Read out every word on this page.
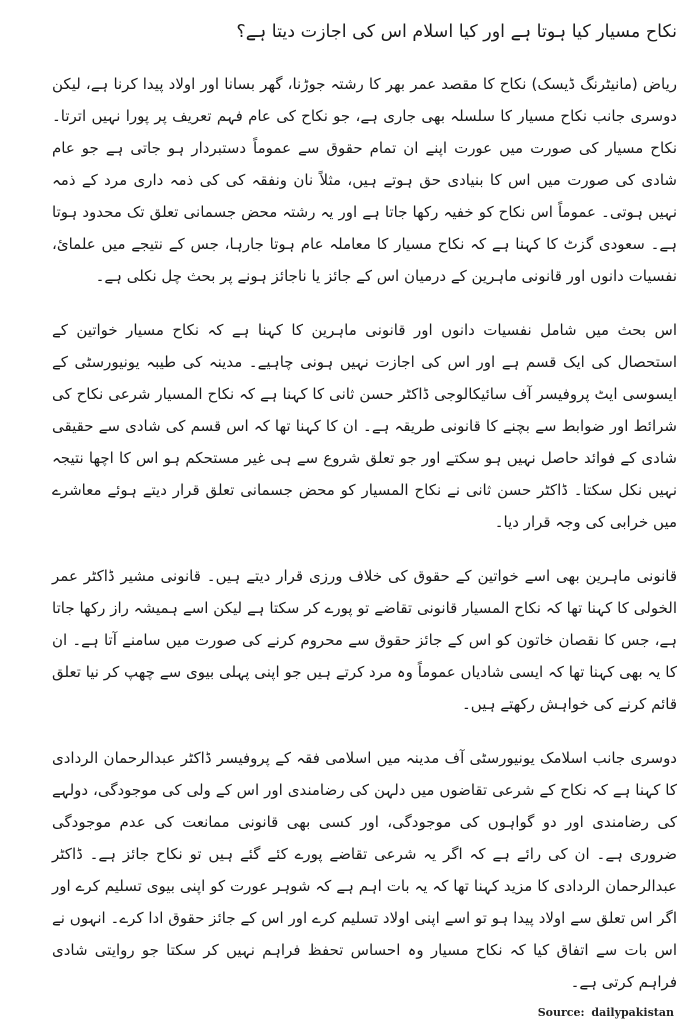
نکاح مسیار کیا ہوتا ہے اور کیا اسلام اس کی اجازت دیتا ہے؟

ریاض (مانیٹرنگ ڈیسک) نکاح کا مقصد عمر بھر کا رشتہ جوڑنا، گھر بسانا اور اولاد پیدا کرنا ہے، لیکن دوسری جانب نکاح مسیار کا سلسلہ بھی جاری ہے، جو نکاح کی عام فہم تعریف پر پورا نہیں اترتا۔ نکاح مسیار کی صورت میں عورت اپنے ان تمام حقوق سے عموماً دستبردار ہو جاتی ہے جو عام شادی کی صورت میں اس کا بنیادی حق ہوتے ہیں، مثلاً نان ونفقہ کی کی ذمہ داری مرد کے ذمہ نہیں ہوتی۔ عموماً اس نکاح کو خفیہ رکھا جاتا ہے اور یہ رشتہ محض جسمانی تعلق تک محدود ہوتا ہے۔ سعودی گزٹ کا کہنا ہے کہ نکاح مسیار کا معاملہ عام ہوتا جارہا، جس کے نتیجے میں علمائ، نفسیات دانوں اور قانونی ماہرین کے درمیان اس کے جائز یا ناجائز ہونے پر بحث چل نکلی ہے۔

اس بحث میں شامل نفسیات دانوں اور قانونی ماہرین کا کہنا ہے کہ نکاح مسیار خواتین کے استحصال کی ایک قسم ہے اور اس کی اجازت نہیں ہونی چاہیے۔ مدینہ کی طیبہ یونیورسٹی کے ایسوسی ایٹ پروفیسر آف سائیکالوجی ڈاکٹر حسن ثانی کا کہنا ہے کہ نکاح المسیار شرعی نکاح کی شرائط اور ضوابط سے بچنے کا قانونی طریقہ ہے۔ ان کا کہنا تھا کہ اس قسم کی شادی سے حقیقی شادی کے فوائد حاصل نہیں ہو سکتے اور جو تعلق شروع سے ہی غیر مستحکم ہو اس کا اچھا نتیجہ نہیں نکل سکتا۔ ڈاکٹر حسن ثانی نے نکاح المسیار کو محض جسمانی تعلق قرار دیتے ہوئے معاشرے میں خرابی کی وجہ قرار دیا۔

قانونی ماہرین بھی اسے خواتین کے حقوق کی خلاف ورزی قرار دیتے ہیں۔ قانونی مشیر ڈاکٹر عمر الخولی کا کہنا تھا کہ نکاح المسیار قانونی تقاضے تو پورے کر سکتا ہے لیکن اسے ہمیشہ راز رکھا جاتا ہے، جس کا نقصان خاتون کو اس کے جائز حقوق سے محروم کرنے کی صورت میں سامنے آتا ہے۔ ان کا یہ بھی کہنا تھا کہ ایسی شادیاں عموماً وہ مرد کرتے ہیں جو اپنی پہلی بیوی سے چھپ کر نیا تعلق قائم کرنے کی خواہش رکھتے ہیں۔

دوسری جانب اسلامک یونیورسٹی آف مدینہ میں اسلامی فقہ کے پروفیسر ڈاکٹر عبدالرحمان الردادی کا کہنا ہے کہ نکاح کے شرعی تقاضوں میں دلہن کی رضامندی اور اس کے ولی کی موجودگی، دولہے کی رضامندی اور دو گواہوں کی موجودگی، اور کسی بھی قانونی ممانعت کی عدم موجودگی ضروری ہے۔ ان کی رائے ہے کہ اگر یہ شرعی تقاضے پورے کئے گئے ہیں تو نکاح جائز ہے۔ ڈاکٹر عبدالرحمان الردادی کا مزید کہنا تھا کہ یہ بات اہم ہے کہ شوہر عورت کو اپنی بیوی تسلیم کرے اور اگر اس تعلق سے اولاد پیدا ہو تو اسے اپنی اولاد تسلیم کرے اور اس کے جائز حقوق ادا کرے۔ انہوں نے اس بات سے اتفاق کیا کہ نکاح مسیار وہ احساس تحفظ فراہم نہیں کر سکتا جو روایتی شادی فراہم کرتی ہے۔

Source: dailypakistan
